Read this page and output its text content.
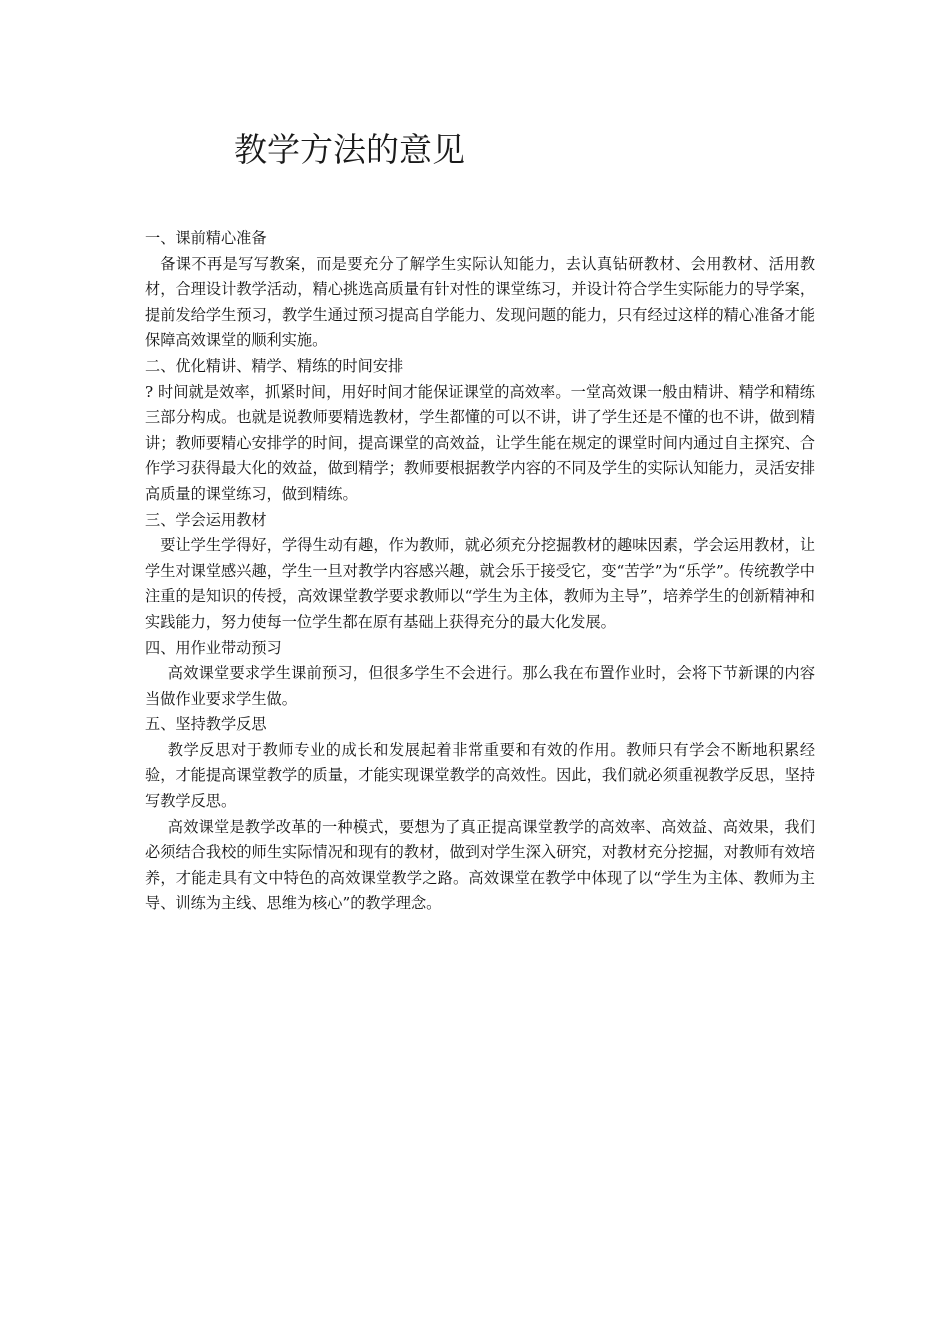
教学方法的意见

一、课前精心准备

备课不再是写写教案，而是要充分了解学生实际认知能力，去认真钻研教材、会用教材、活用教材，合理设计教学活动，精心挑选高质量有针对性的课堂练习，并设计符合学生实际能力的导学案，提前发给学生预习，教学生通过预习提高自学能力、发现问题的能力，只有经过这样的精心准备才能保障高效课堂的顺利实施。

二、优化精讲、精学、精练的时间安排

? 时间就是效率，抓紧时间，用好时间才能保证课堂的高效率。一堂高效课一般由精讲、精学和精练三部分构成。也就是说教师要精选教材，学生都懂的可以不讲，讲了学生还是不懂的也不讲，做到精讲；教师要精心安排学的时间，提高课堂的高效益，让学生能在规定的课堂时间内通过自主探究、合作学习获得最大化的效益，做到精学；教师要根据教学内容的不同及学生的实际认知能力，灵活安排高质量的课堂练习，做到精练。

三、学会运用教材

要让学生学得好，学得生动有趣，作为教师，就必须充分挖掘教材的趣味因素，学会运用教材，让学生对课堂感兴趣，学生一旦对教学内容感兴趣，就会乐于接受它，变“苦学”为“乐学”。传统教学中注重的是知识的传授，高效课堂教学要求教师以“学生为主体，教师为主导”，培养学生的创新精神和实践能力，努力使每一位学生都在原有基础上获得充分的最大化发展。

四、用作业带动预习

高效课堂要求学生课前预习，但很多学生不会进行。那么我在布置作业时，会将下节新课的内容当做作业要求学生做。

五、坚持教学反思

教学反思对于教师专业的成长和发展起着非常重要和有效的作用。教师只有学会不断地积累经验，才能提高课堂教学的质量，才能实现课堂教学的高效性。因此，我们就必须重视教学反思，坚持写教学反思。

高效课堂是教学改革的一种模式，要想为了真正提高课堂教学的高效率、高效益、高效果，我们必须结合我校的师生实际情况和现有的教材，做到对学生深入研究，对教材充分挖掘，对教师有效培养，才能走具有文中特色的高效课堂教学之路。高效课堂在教学中体现了以“学生为主体、教师为主导、训练为主线、思维为核心”的教学理念。
